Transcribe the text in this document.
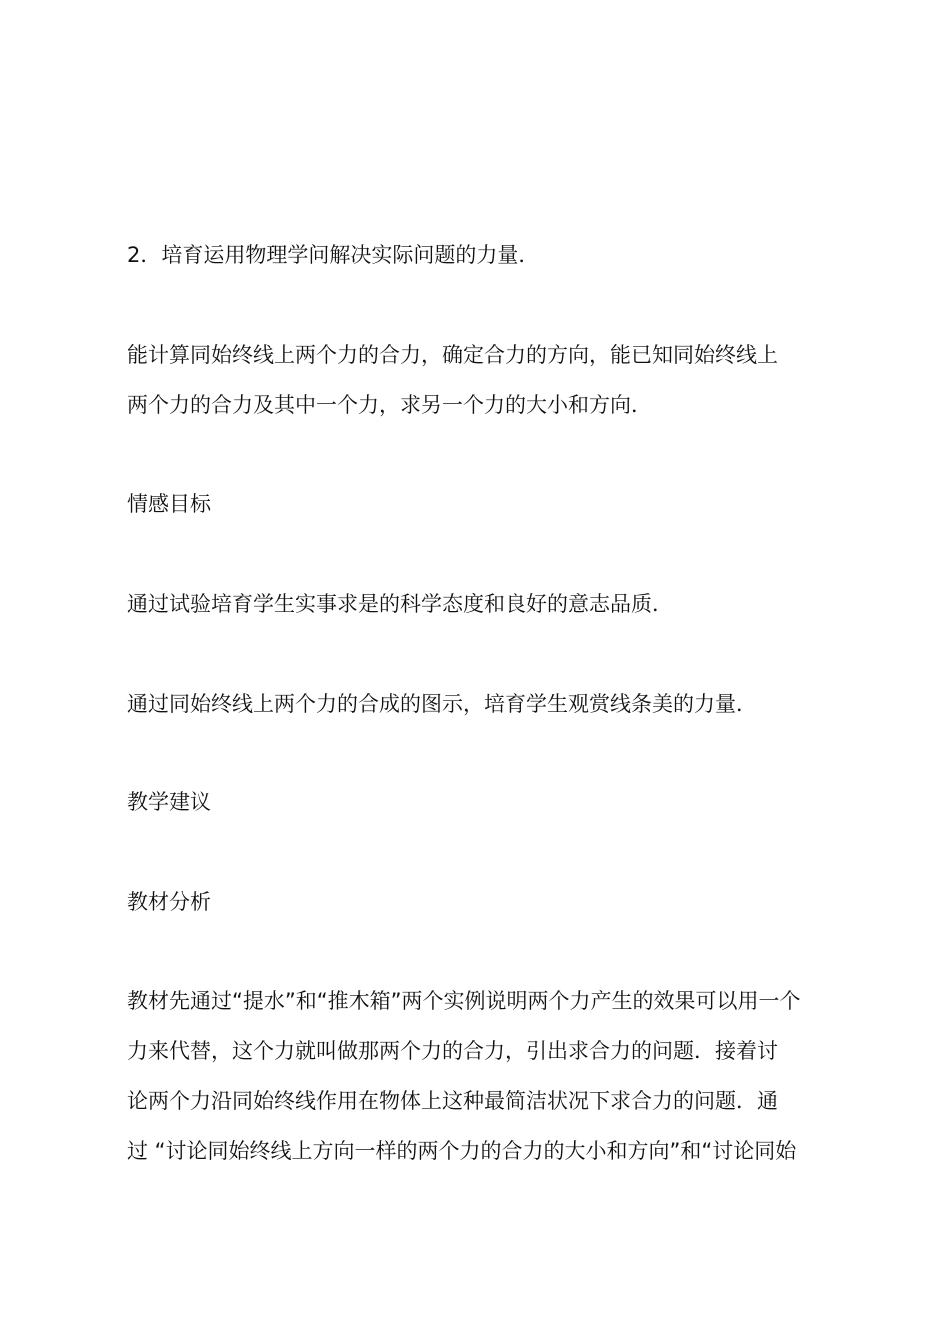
2．培育运用物理学问解决实际问题的力量．

能计算同始终线上两个力的合力，确定合力的方向，能已知同始终线上
两个力的合力及其中一个力，求另一个力的大小和方向．

情感目标

通过试验培育学生实事求是的科学态度和良好的意志品质．

通过同始终线上两个力的合成的图示，培育学生观赏线条美的力量．

教学建议

教材分析

教材先通过“提水”和“推木箱”两个实例说明两个力产生的效果可以用一个
力来代替，这个力就叫做那两个力的合力，引出求合力的问题．接着讨
论两个力沿同始终线作用在物体上这种最简洁状况下求合力的问题．通
过 “讨论同始终线上方向一样的两个力的合力的大小和方向”和“讨论同始
